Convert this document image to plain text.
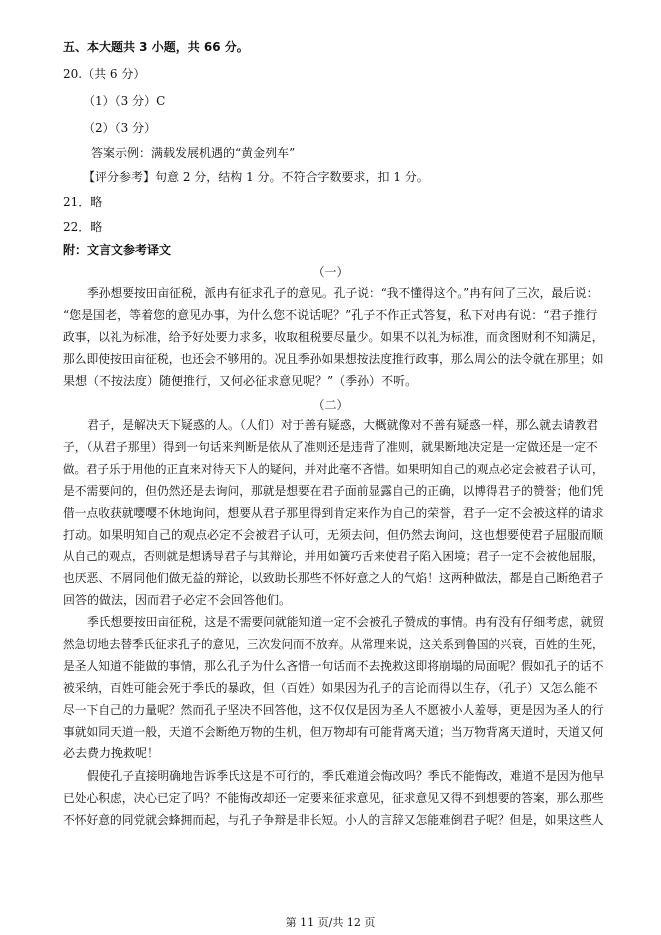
五、本大题共 3 小题，共 66 分。
20.（共 6 分）
（1）（3 分）C
（2）（3 分）
答案示例：满载发展机遇的“黄金列车”
【评分参考】句意 2 分，结构 1 分。不符合字数要求，扣 1 分。
21．略
22．略
附：文言文参考译文
（一）
季孙想要按田亩征税，派冉有征求孔子的意见。孔子说：“我不懂得这个。”冉有问了三次，最后说：
“您是国老，等着您的意见办事，为什么您不说话呢？”孔子不作正式答复，私下对冉有说：“君子推行
政事，以礼为标准，给予好处要力求多，收取租税要尽量少。如果不以礼为标准，而贪图财利不知满足，
那么即使按田亩征税，也还会不够用的。况且季孙如果想按法度推行政事，那么周公的法令就在那里；如
果想（不按法度）随便推行，又何必征求意见呢？”（季孙）不听。
（二）
君子，是解决天下疑惑的人。（人们）对于善有疑惑，大概就像对不善有疑惑一样，那么就去请教君
子，（从君子那里）得到一句话来判断是依从了准则还是违背了准则，就果断地决定是一定做还是一定不
做。君子乐于用他的正直来对待天下人的疑问，并对此毫不吝惜。如果明知自己的观点必定会被君子认可，
是不需要问的，但仍然还是去询问，那就是想要在君子面前显露自己的正确，以博得君子的赞誉；他们凭
借一点收获就嘤嘤不休地询问，想要从君子那里得到肯定来作为自己的荣誉，君子一定不会被这样的请求
打动。如果明知自己的观点必定不会被君子认可，无须去问，但仍然去询问，这也想要使君子屈服而顺
从自己的观点，否则就是想诱导君子与其辩论，并用如簧巧舌来使君子陷入困境；君子一定不会被他屈服，
也厌恶、不屑同他们做无益的辩论，以致助长那些不怀好意之人的气焰！这两种做法，都是自己断绝君子
回答的做法，因而君子必定不会回答他们。
季氏想要按田亩征税，这是不需要问就能知道一定不会被孔子赞成的事情。冉有没有仔细考虑，就贸
然急切地去替季氏征求孔子的意见，三次发问而不放弃。从常理来说，这关系到鲁国的兴衰，百姓的生死，
是圣人知道不能做的事情，那么孔子为什么吝惜一句话而不去挽救这即将崩塌的局面呢？假如孔子的话不
被采纳，百姓可能会死于季氏的暴政，但（百姓）如果因为孔子的言论而得以生存，（孔子）又怎么能不
尽一下自己的力量呢？然而孔子坚决不回答他，这不仅仅是因为圣人不愿被小人羞辱，更是因为圣人的行
事就如同天道一般，天道不会断绝万物的生机，但万物却有可能背离天道；当万物背离天道时，天道又何
必去费力挽救呢！
假使孔子直接明确地告诉季氏这是不可行的，季氏难道会悔改吗？季氏不能悔改，难道不是因为他早
已处心积虑，决心已定了吗？不能悔改却还一定要来征求意见，征求意见又得不到想要的答案，那么那些
不怀好意的同党就会蜂拥而起，与孔子争辩是非长短。小人的言辞又怎能难倒君子呢？但是，如果这些人
第 11 页/共 12 页
